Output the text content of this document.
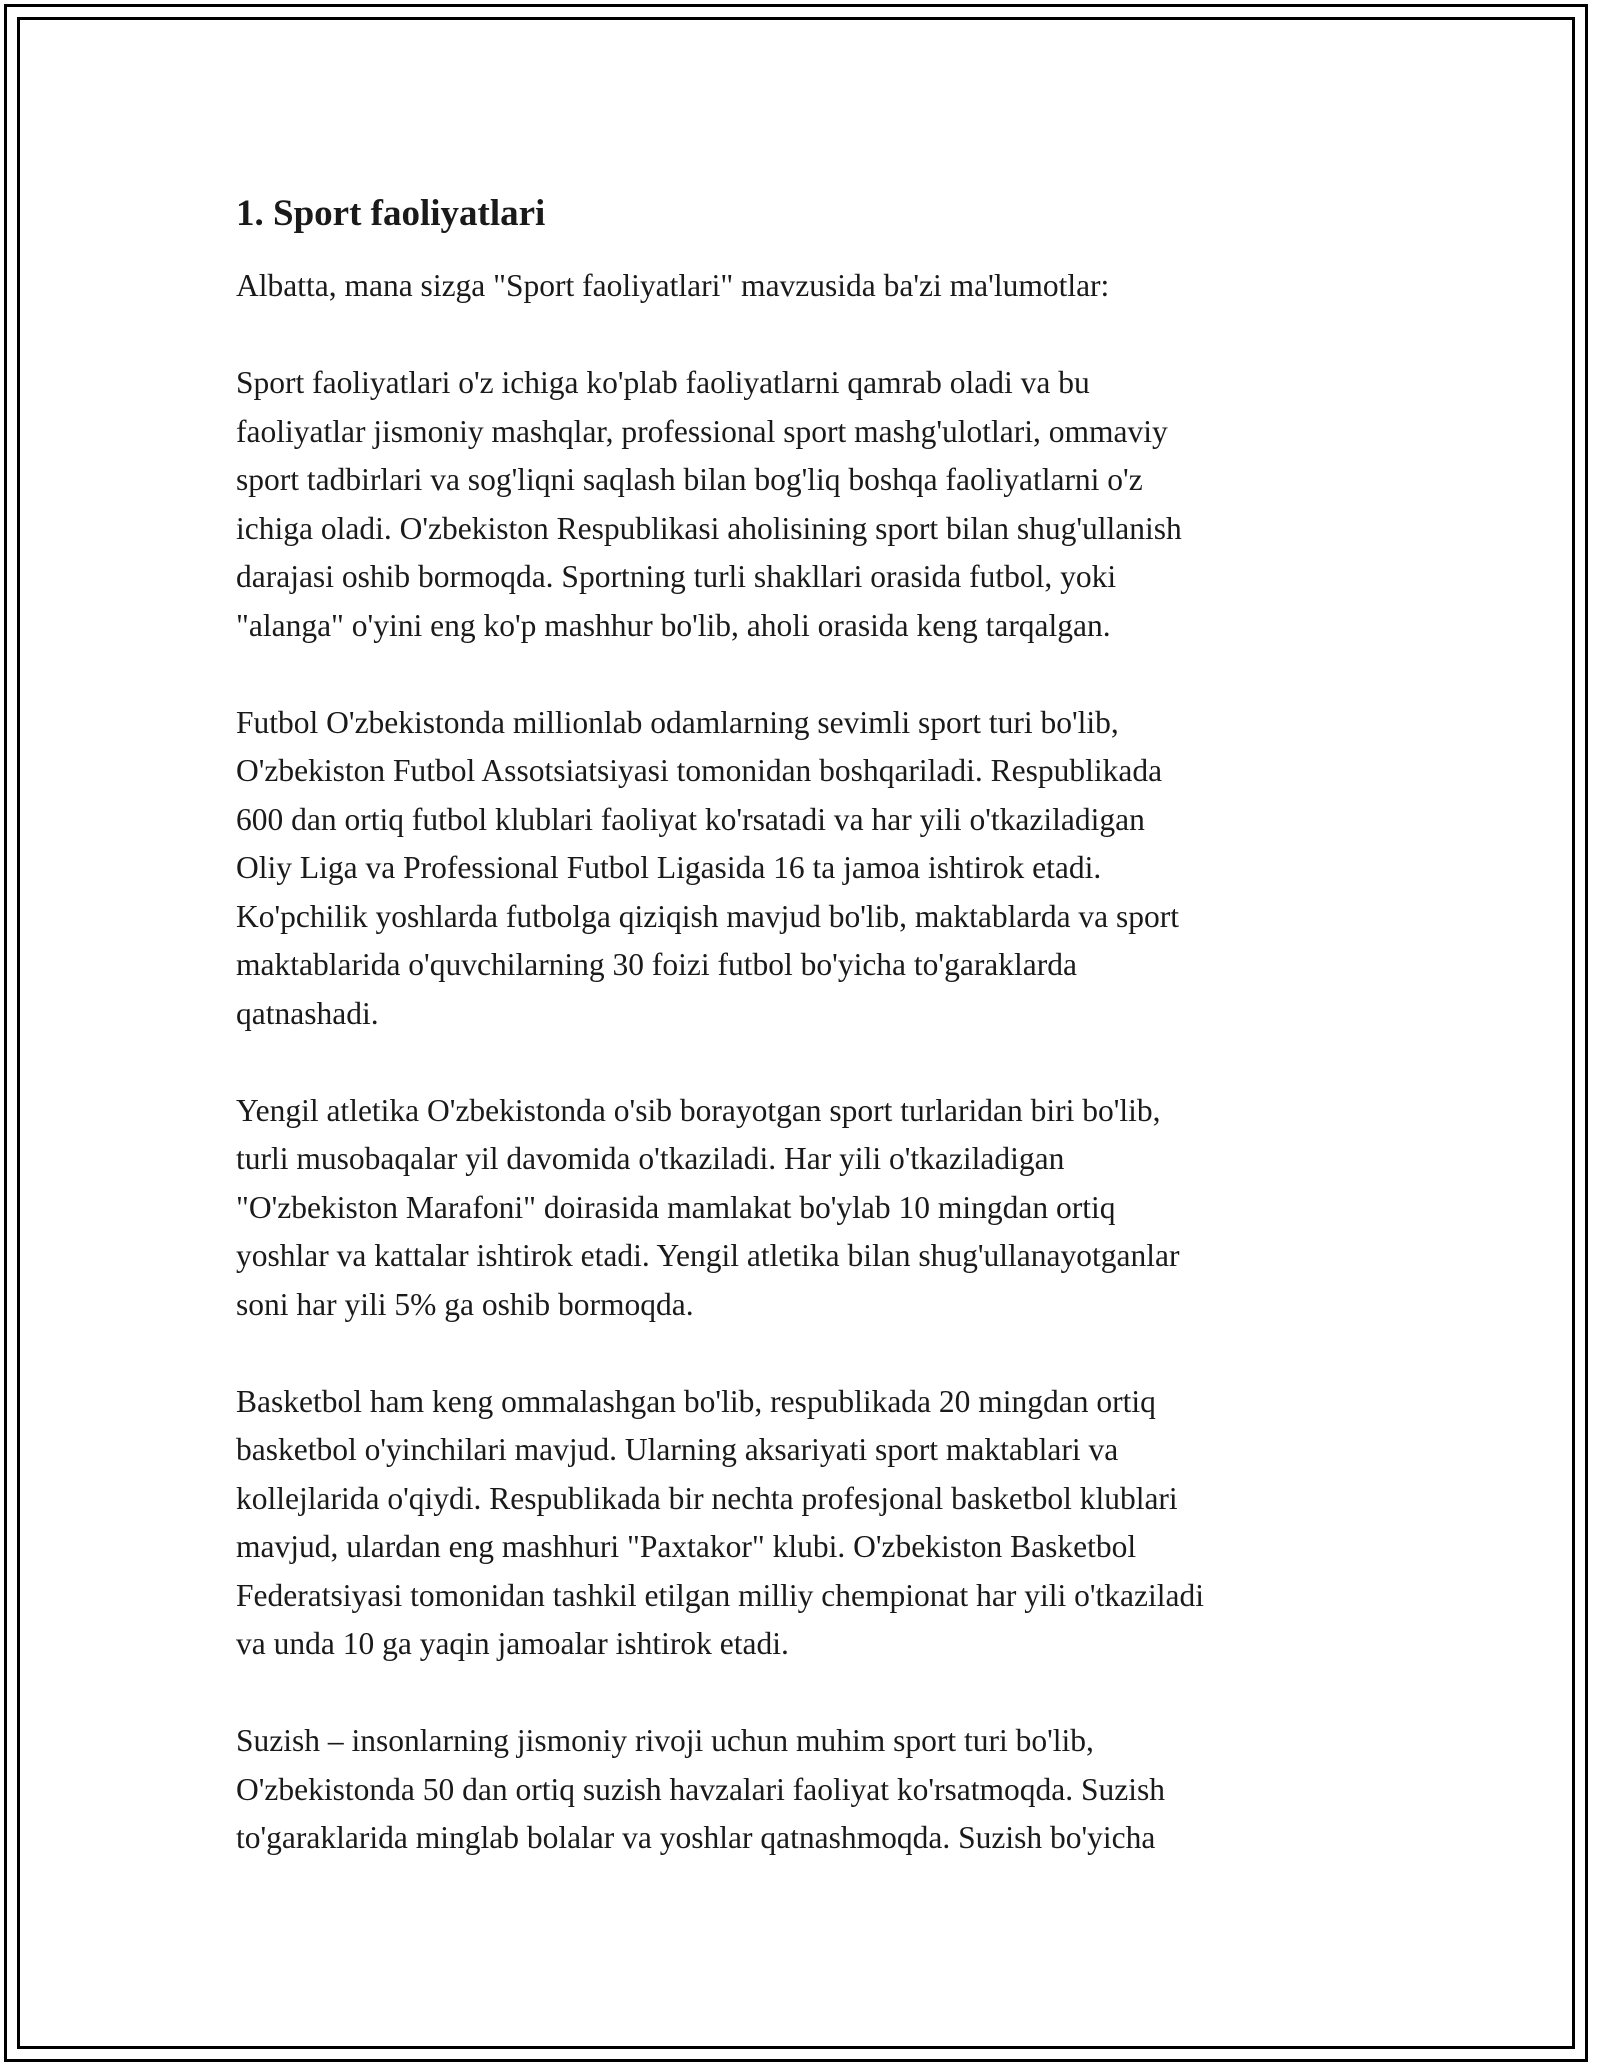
1. Sport faoliyatlari

Albatta, mana sizga "Sport faoliyatlari" mavzusida ba'zi ma'lumotlar:

Sport faoliyatlari o'z ichiga ko'plab faoliyatlarni qamrab oladi va bu
faoliyatlar jismoniy mashqlar, professional sport mashg'ulotlari, ommaviy
sport tadbirlari va sog'liqni saqlash bilan bog'liq boshqa faoliyatlarni o'z
ichiga oladi. O'zbekiston Respublikasi aholisining sport bilan shug'ullanish
darajasi oshib bormoqda. Sportning turli shakllari orasida futbol, yoki
"alanga" o'yini eng ko'p mashhur bo'lib, aholi orasida keng tarqalgan.

Futbol O'zbekistonda millionlab odamlarning sevimli sport turi bo'lib,
O'zbekiston Futbol Assotsiatsiyasi tomonidan boshqariladi. Respublikada
600 dan ortiq futbol klublari faoliyat ko'rsatadi va har yili o'tkaziladigan
Oliy Liga va Professional Futbol Ligasida 16 ta jamoa ishtirok etadi.
Ko'pchilik yoshlarda futbolga qiziqish mavjud bo'lib, maktablarda va sport
maktablarida o'quvchilarning 30 foizi futbol bo'yicha to'garaklarda
qatnashadi.

Yengil atletika O'zbekistonda o'sib borayotgan sport turlaridan biri bo'lib,
turli musobaqalar yil davomida o'tkaziladi. Har yili o'tkaziladigan
"O'zbekiston Marafoni" doirasida mamlakat bo'ylab 10 mingdan ortiq
yoshlar va kattalar ishtirok etadi. Yengil atletika bilan shug'ullanayotganlar
soni har yili 5% ga oshib bormoqda.

Basketbol ham keng ommalashgan bo'lib, respublikada 20 mingdan ortiq
basketbol o'yinchilari mavjud. Ularning aksariyati sport maktablari va
kollejlarida o'qiydi. Respublikada bir nechta profesjonal basketbol klublari
mavjud, ulardan eng mashhuri "Paxtakor" klubi. O'zbekiston Basketbol
Federatsiyasi tomonidan tashkil etilgan milliy chempionat har yili o'tkaziladi
va unda 10 ga yaqin jamoalar ishtirok etadi.

Suzish – insonlarning jismoniy rivoji uchun muhim sport turi bo'lib,
O'zbekistonda 50 dan ortiq suzish havzalari faoliyat ko'rsatmoqda. Suzish
to'garaklarida minglab bolalar va yoshlar qatnashmoqda. Suzish bo'yicha
